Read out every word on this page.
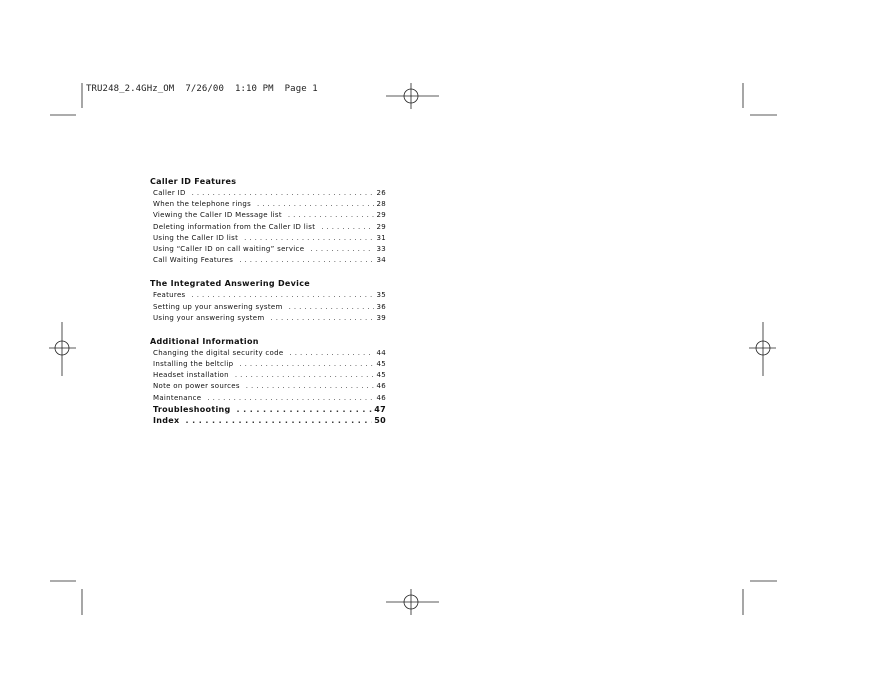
TRU248_2.4GHz_OM  7/26/00  1:10 PM  Page 1
Caller ID Features
Caller ID . . .	26
When the telephone rings . . .	28
Viewing the Caller ID Message list . . .	29
Deleting information from the Caller ID list . . .	29
Using the Caller ID list . . .	31
Using “Caller ID on call waiting” service . . .	33
Call Waiting Features . . .	34
The Integrated Answering Device
Features . . .	35
Setting up your answering system . . .	36
Using your answering system . . .	39
Additional Information
Changing the digital security code . . .	44
Installing the beltclip . . .	45
Headset installation . . .	45
Note on power sources . . .	46
Maintenance . . .	46
Troubleshooting . . .	47
Index . . .	50
